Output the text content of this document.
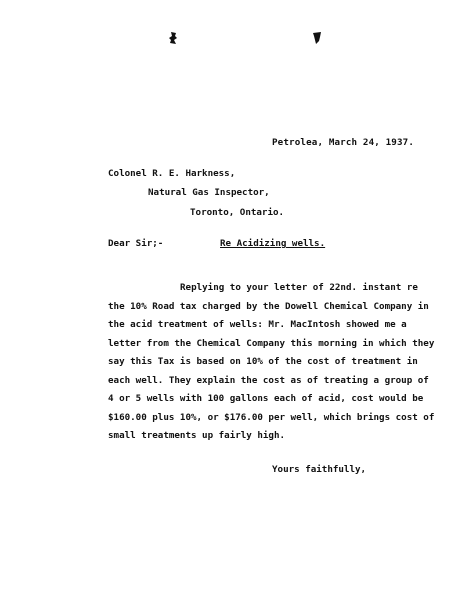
Petrolea, March 24, 1937.
Colonel R. E. Harkness,
Natural Gas Inspector,
Toronto, Ontario.
Dear Sir;-	Re Acidizing wells.
Replying to your letter of 22nd. instant re
the 10% Road tax charged by the Dowell Chemical Company in
the acid treatment of wells: Mr. MacIntosh showed me a
letter from the Chemical Company this morning in which they
say this Tax is based on 10% of the cost of treatment in
each well. They explain the cost as of treating a group of
4 or 5 wells with 100 gallons each of acid, cost would be
$160.00 plus 10%, or $176.00 per well, which brings cost of
small treatments up fairly high.
Yours faithfully,
